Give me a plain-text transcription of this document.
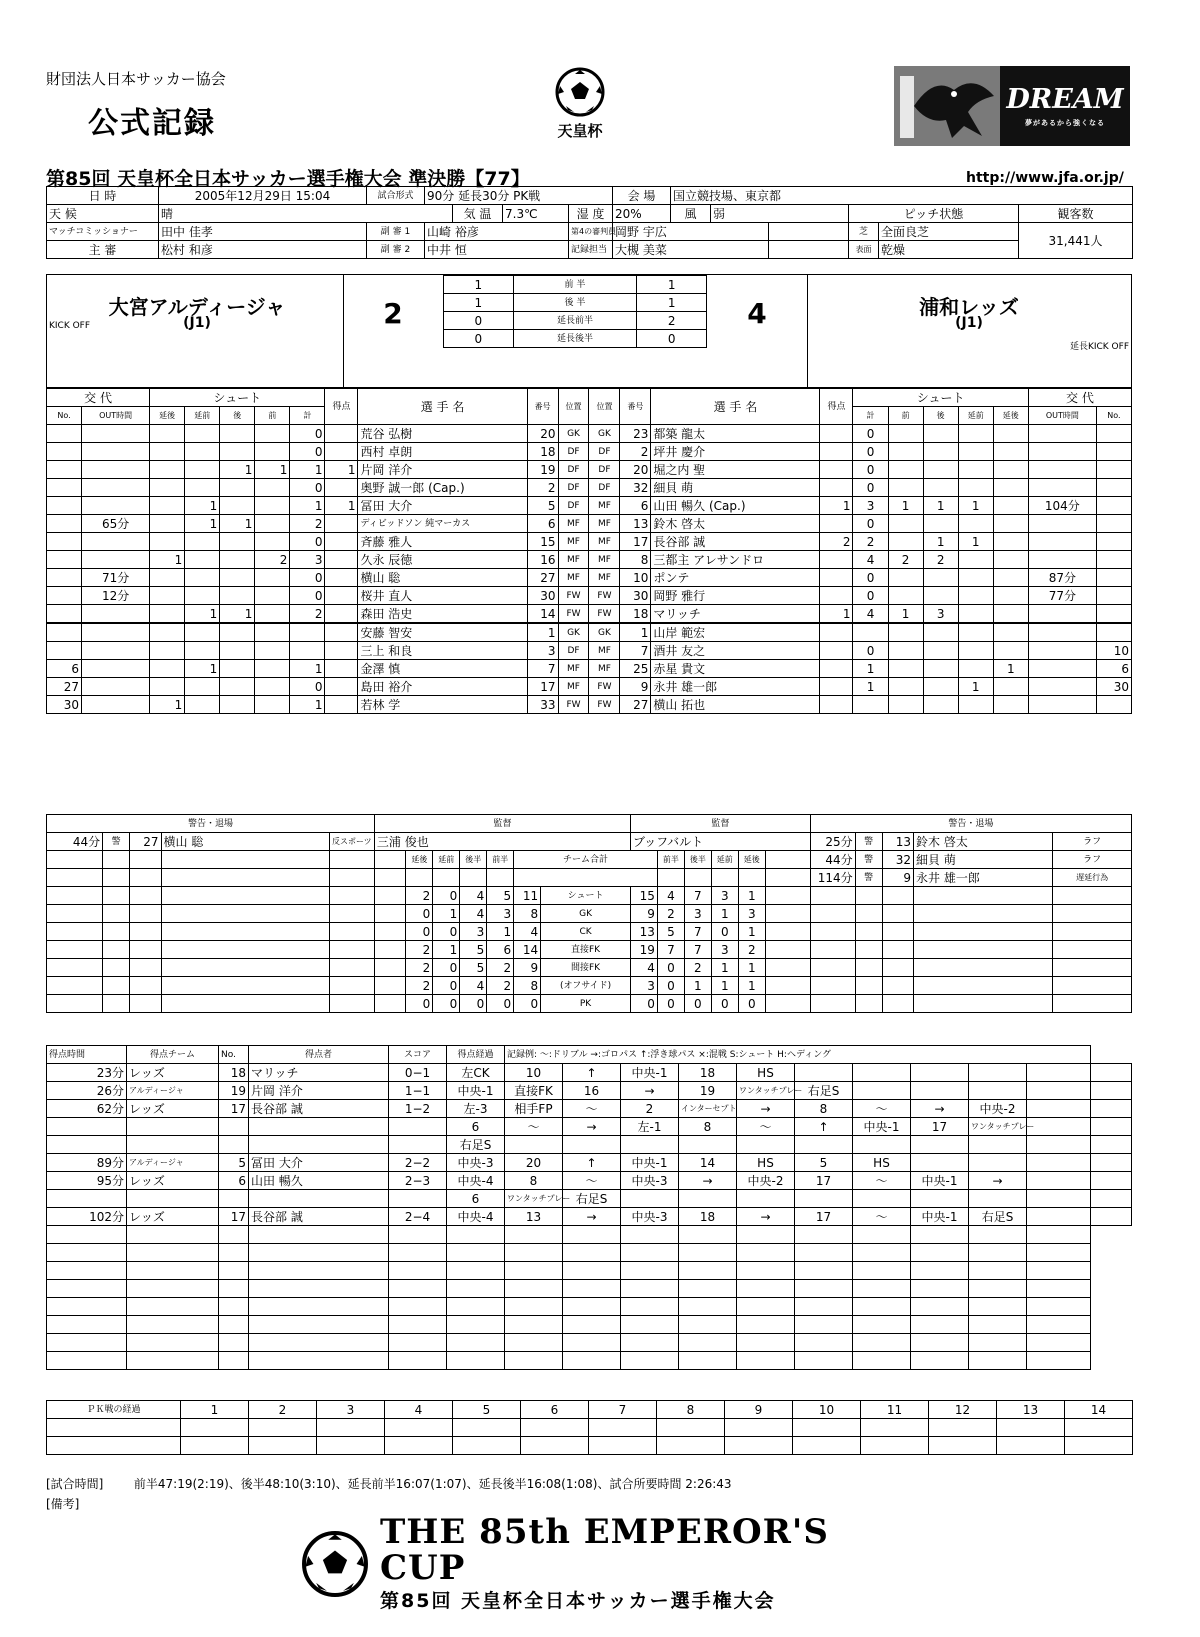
財団法人日本サッカー協会
公式記録	天皇杯
DREAM
夢があるから強くなる
第85回 天皇杯全日本サッカー選手権大会 準決勝【77】	http://www.jfa.or.jp/
日 時	2005年12月29日 15:04	試合形式	90分 延長30分 PK戦				会 場	国立競技場、東京都					
天 候	晴			気 温	7.3℃	湿 度	20%	風	弱		ピッチ状態		観客数
マッチコミッショナー	田中 佳孝	副 審 1	山崎 裕彦			第4の審判員	岡野 宇広				芝	全面良芝	31,441人
主 審	松村 和彦	副 審 2	中井 恒			記録担当	大槻 美菜				表面	乾燥	
大宮アルディージャ
(J1)
KICK OFF	2
1	前 半	1
1	後 半	1
0	延長前半	2
0	延長後半	0
4	浦和レッズ
(J1)
延長KICK OFF
交 代		シュート					得点	選 手 名	番号	位置	位置	番号	選 手 名	得点	シュート					交 代	
No.	OUT時間	延後	延前	後	前	計									計	前	後	延前	延後	OUT時間	No.
						0		荒谷 弘樹	20	GK	GK	23	都築 龍太		0						
						0		西村 卓朗	18	DF	DF	2	坪井 慶介		0						
				1	1	1	1	片岡 洋介	19	DF	DF	20	堀之内 聖		0						
						0		奥野 誠一郎 (Cap.)	2	DF	DF	32	細貝 萌		0						
			1			1	1	冨田 大介	5	DF	MF	6	山田 暢久 (Cap.)	1	3	1	1	1		104分	
	65分		1	1		2		ディビッドソン 純マーカス	6	MF	MF	13	鈴木 啓太		0						
						0		斉藤 雅人	15	MF	MF	17	長谷部 誠	2	2		1	1			
		1			2	3		久永 辰徳	16	MF	MF	8	三都主 アレサンドロ		4	2	2				
	71分					0		横山 聡	27	MF	MF	10	ポンテ		0					87分	
	12分					0		桜井 直人	30	FW	FW	30	岡野 雅行		0					77分	
			1	1		2		森田 浩史	14	FW	FW	18	マリッチ	1	4	1	3				
								安藤 智安	1	GK	GK	1	山岸 範宏								
								三上 和良	3	DF	MF	7	酒井 友之		0						10
6			1			1		金澤 慎	7	MF	MF	25	赤星 貴文		1				1		6
27						0		島田 裕介	17	MF	FW	9	永井 雄一郎		1			1			30
30		1				1		若林 学	33	FW	FW	27	横山 拓也								
警告・退場					監督							監督						警告・退場				
44分	警	27	横山 聡	反スポーツ	三浦 俊也							ブッフバルト						25分	警	13	鈴木 啓太	ラフ
						延後	延前	後半	前半	チーム合計			前半	後半	延前	延後		44分	警	32	細貝 萌	ラフ
																		114分	警	9	永井 雄一郎	遅延行為
						2	0	4	5	11	シュート	15	4	7	3	1						
						0	1	4	3	8	GK	9	2	3	1	3						
						0	0	3	1	4	CK	13	5	7	0	1						
						2	1	5	6	14	直接FK	19	7	7	3	2						
						2	0	5	2	9	間接FK	4	0	2	1	1						
						2	0	4	2	8	(オフサイド)	3	0	1	1	1						
						0	0	0	0	0	PK	0	0	0	0	0						
得点時間	得点チーム	No.	得点者	スコア	得点経過	記録例: ～:ドリブル →:ゴロパス ↑:浮き球パス ×:混戦 S:シュート H:ヘディング										
23分	レッズ	18	マリッチ	0−1	左CK	10	↑	中央-1	18	HS						
26分	アルディージャ	19	片岡 洋介	1−1	中央-1	直接FK	16	→	19	ワンタッチプレー	右足S					
62分	レッズ	17	長谷部 誠	1−2	左-3	相手FP	～	2	インターセプト	→	8	～	→	中央-2		
					6	～	→	左-1	8	～	↑	中央-1	17	ワンタッチプレー		
					右足S											
89分	アルディージャ	5	冨田 大介	2−2	中央-3	20	↑	中央-1	14	HS	5	HS				
95分	レッズ	6	山田 暢久	2−3	中央-4	8	～	中央-3	→	中央-2	17	～	中央-1	→		
					6	ワンタッチプレー	右足S									
102分	レッズ	17	長谷部 誠	2−4	中央-4	13	→	中央-3	18	→	17	～	中央-1	右足S		

ＰＫ戦の経過	1	2	3	4	5	6	7	8	9	10	11	12	13	14

[試合時間]	前半47:19(2:19)、後半48:10(3:10)、延長前半16:07(1:07)、延長後半16:08(1:08)、試合所要時間 2:26:43
[備考]
THE 85th EMPEROR'S CUP
第85回 天皇杯全日本サッカー選手権大会
